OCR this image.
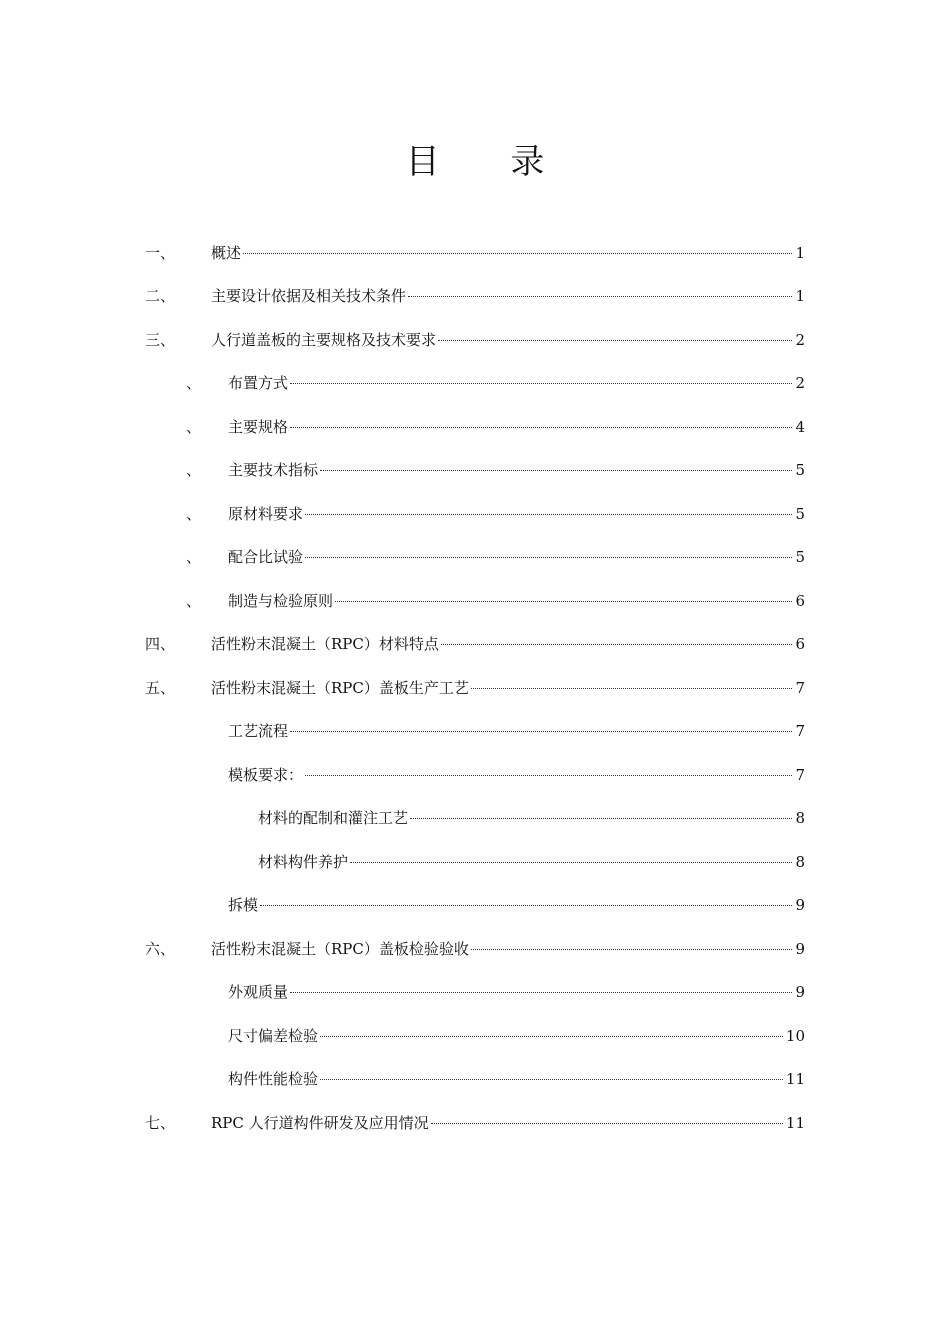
目 录
一、 概述	1
二、 主要设计依据及相关技术条件	1
三、 人行道盖板的主要规格及技术要求	2
、 布置方式	2
、 主要规格	4
、 主要技术指标	5
、 原材料要求	5
、 配合比试验	5
、 制造与检验原则	6
四、 活性粉末混凝土（RPC）材料特点	6
五、 活性粉末混凝土（RPC）盖板生产工艺	7
工艺流程	7
模板要求：	7
材料的配制和灌注工艺	8
材料构件养护	8
拆模	9
六、 活性粉末混凝土（RPC）盖板检验验收	9
外观质量	9
尺寸偏差检验	10
构件性能检验	11
七、 RPC 人行道构件研发及应用情况	11
